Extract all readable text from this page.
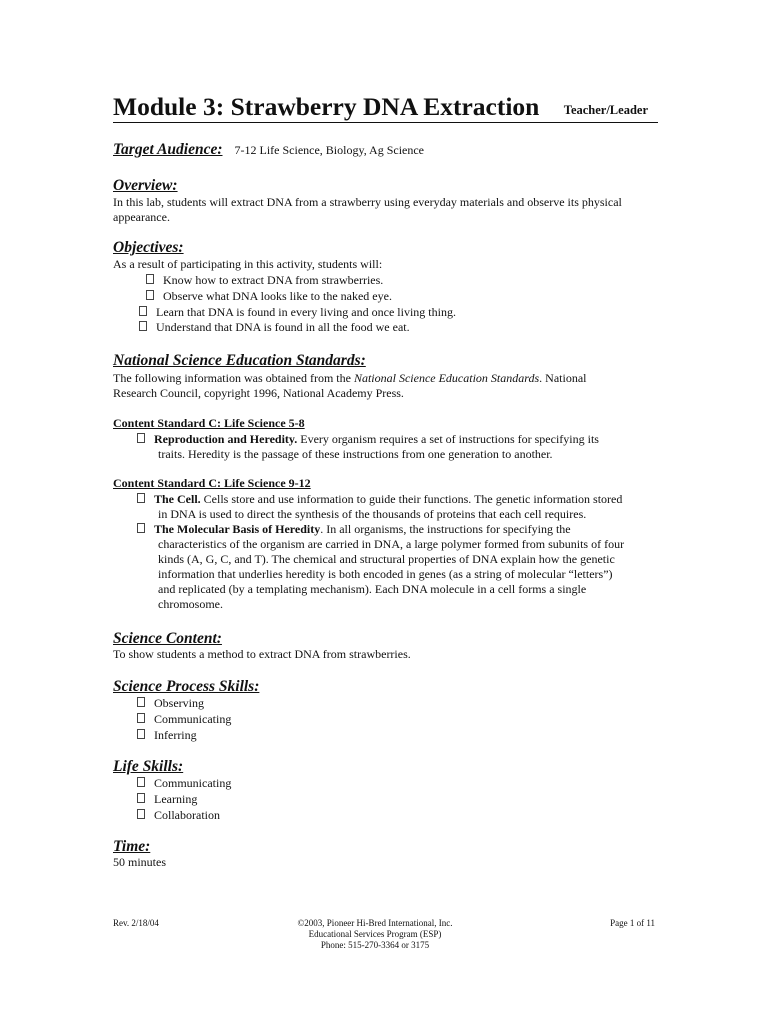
Module 3: Strawberry DNA Extraction Teacher/Leader
Target Audience: 7-12 Life Science, Biology, Ag Science
Overview:
In this lab, students will extract DNA from a strawberry using everyday materials and observe its physical
appearance.
Objectives:
As a result of participating in this activity, students will:
Know how to extract DNA from strawberries.
Observe what DNA looks like to the naked eye.
Learn that DNA is found in every living and once living thing.
Understand that DNA is found in all the food we eat.
National Science Education Standards:
The following information was obtained from the National Science Education Standards. National
Research Council, copyright 1996, National Academy Press.
Content Standard C: Life Science 5-8
Reproduction and Heredity. Every organism requires a set of instructions for specifying its
traits. Heredity is the passage of these instructions from one generation to another.
Content Standard C: Life Science 9-12
The Cell. Cells store and use information to guide their functions. The genetic information stored
in DNA is used to direct the synthesis of the thousands of proteins that each cell requires.
The Molecular Basis of Heredity. In all organisms, the instructions for specifying the
characteristics of the organism are carried in DNA, a large polymer formed from subunits of four
kinds (A, G, C, and T). The chemical and structural properties of DNA explain how the genetic
information that underlies heredity is both encoded in genes (as a string of molecular “letters”)
and replicated (by a templating mechanism). Each DNA molecule in a cell forms a single
chromosome.
Science Content:
To show students a method to extract DNA from strawberries.
Science Process Skills:
Observing
Communicating
Inferring
Life Skills:
Communicating
Learning
Collaboration
Time:
50 minutes
Rev. 2/18/04	©2003, Pioneer Hi-Bred International, Inc.
Educational Services Program (ESP)
Phone: 515-270-3364 or 3175
Page 1 of 11
